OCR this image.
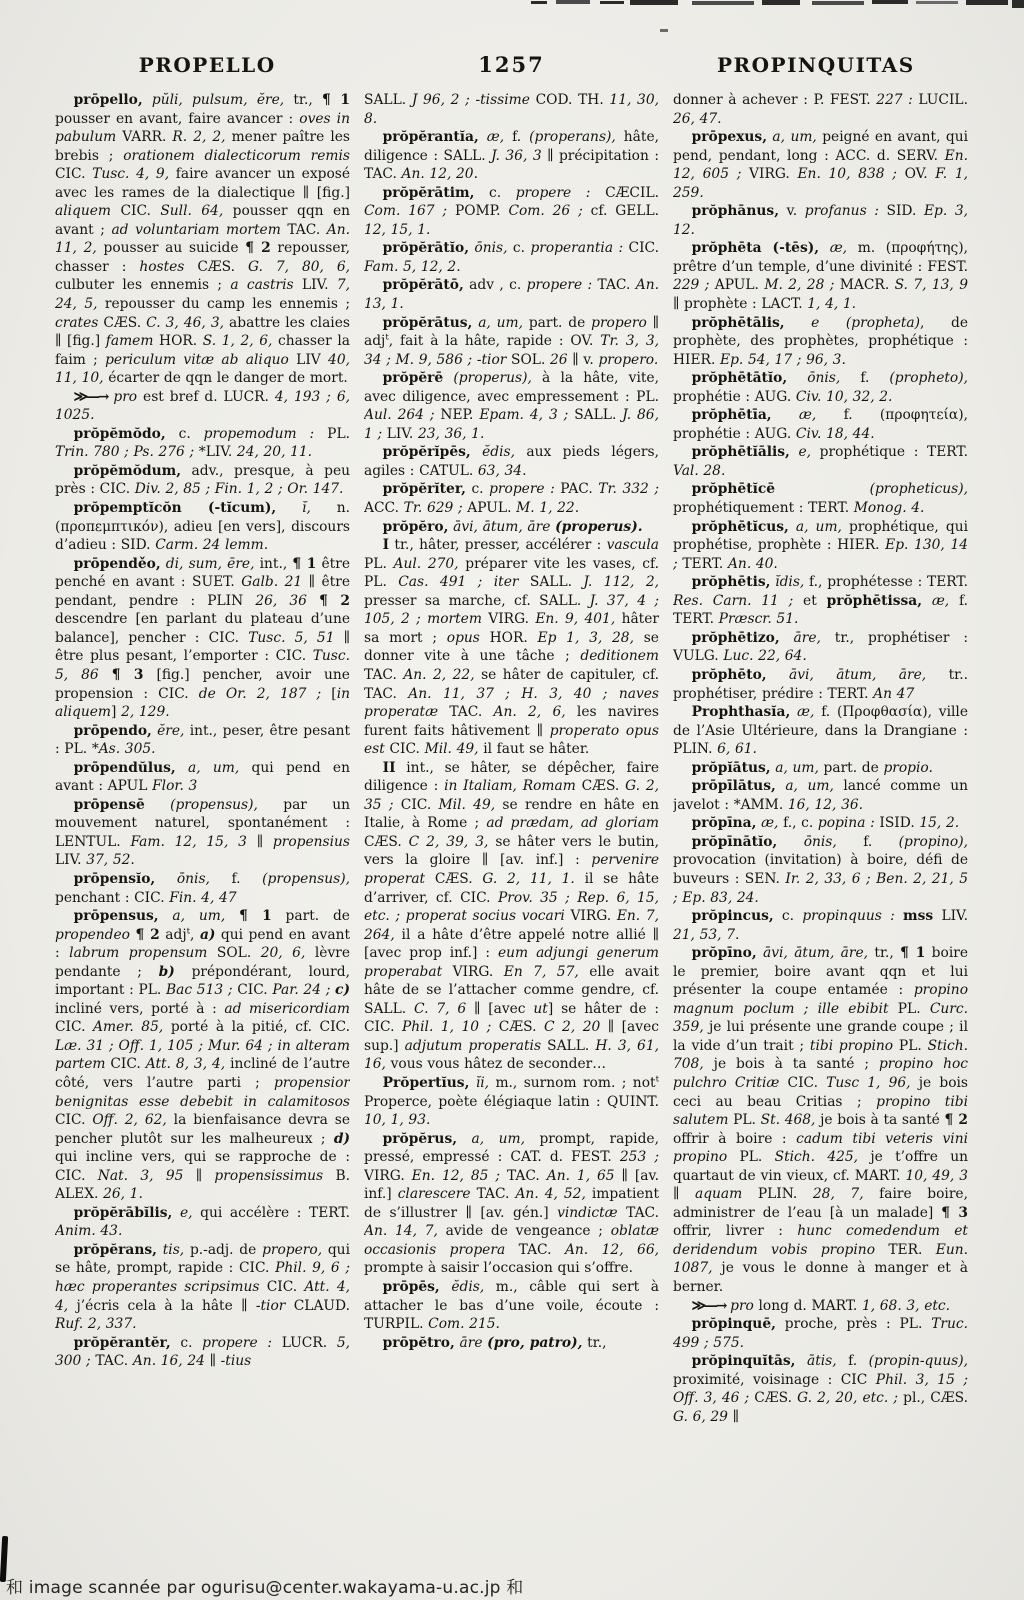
PROPELLO	1257	PROPINQUITAS

prōpello, pŭli, pulsum, ĕre, tr., ¶ 1 pousser en avant, faire avancer : oves in pabulum VARR. R. 2, 2, mener paître les brebis ; orationem dialecticorum remis CIC. Tusc. 4, 9, faire avancer un exposé avec les rames de la dialectique ∥ [fig.] aliquem CIC. Sull. 64, pousser qqn en avant ; ad voluntariam mortem TAC. An. 11, 2, pousser au suicide ¶ 2 repousser, chasser : hostes CÆS. G. 7, 80, 6, culbuter les ennemis ; a castris LIV. 7, 24, 5, repousser du camp les ennemis ; crates CÆS. C. 3, 46, 3, abattre les claies ∥ [fig.] famem HOR. S. 1, 2, 6, chasser la faim ; periculum vitæ ab aliquo LIV 40, 11, 10, écarter de qqn le danger de mort.

≫—→ pro est bref d. LUCR. 4, 193 ; 6, 1025.

prŏpĕmŏdo, c. propemodum : PL. Trin. 780 ; Ps. 276 ; *LIV. 24, 20, 11.

prŏpĕmŏdum, adv., presque, à peu près : CIC. Div. 2, 85 ; Fin. 1, 2 ; Or. 147.

prŏpemptĭcŏn (-tĭcum), ĭ, n. (προπεμπτικόν), adieu [en vers], discours d’adieu : SID. Carm. 24 lemm.

prōpenděo, di, sum, ēre, int., ¶ 1 être penché en avant : SUET. Galb. 21 ∥ être pendant, pendre : PLIN 26, 36 ¶ 2 descendre [en parlant du plateau d’une balance], pencher : CIC. Tusc. 5, 51 ∥ être plus pesant, l’emporter : CIC. Tusc. 5, 86 ¶ 3 [fig.] pencher, avoir une propension : CIC. de Or. 2, 187 ; [in aliquem] 2, 129.

prōpendo, ĕre, int., peser, être pesant : PL. *As. 305.

prōpendŭlus, a, um, qui pend en avant : APUL Flor. 3

prōpensē (propensus), par un mouvement naturel, spontanément : LENTUL. Fam. 12, 15, 3 ∥ propensius LIV. 37, 52.

prōpensĭo, ōnis, f. (propensus), penchant : CIC. Fin. 4, 47

prōpensus, a, um, ¶ 1 part. de propendeo ¶ 2 adj$^t$, a) qui pend en avant : labrum propensum SOL. 20, 6, lèvre pendante ; b) prépondérant, lourd, important : PL. Bac 513 ; CIC. Par. 24 ; c) incliné vers, porté à : ad misericordiam CIC. Amer. 85, porté à la pitié, cf. CIC. Læ. 31 ; Off. 1, 105 ; Mur. 64 ; in alteram partem CIC. Att. 8, 3, 4, incliné de l’autre côté, vers l’autre parti ; propensior benignitas esse debebit in calamitosos CIC. Off. 2, 62, la bienfaisance devra se pencher plutôt sur les malheureux ; d) qui incline vers, qui se rapproche de : CIC. Nat. 3, 95 ∥ propensissimus B. ALEX. 26, 1.

prŏpĕrābĭlis, e, qui accélère : TERT. Anim. 43.

prŏpĕrans, tis, p.-adj. de propero, qui se hâte, prompt, rapide : CIC. Phil. 9, 6 ; hæc properantes scripsimus CIC. Att. 4, 4, j’écris cela à la hâte ∥ -tior CLAUD. Ruf. 2, 337.

prŏpĕrantĕr, c. propere : LUCR. 5, 300 ; TAC. An. 16, 24 ∥ -tius

SALL. J 96, 2 ; -tissime COD. TH. 11, 30, 8.

prŏpĕrantĭa, æ, f. (properans), hâte, diligence : SALL. J. 36, 3 ∥ précipitation : TAC. An. 12, 20.

prŏpĕrātim, c. propere : CÆCIL. Com. 167 ; POMP. Com. 26 ; cf. GELL. 12, 15, 1.

prŏpĕrātĭo, ōnis, c. properantia : CIC. Fam. 5, 12, 2.

prŏpĕrātō, adv , c. propere : TAC. An. 13, 1.

prŏpĕrātus, a, um, part. de propero ∥ adj$^t$, fait à la hâte, rapide : OV. Tr. 3, 3, 34 ; M. 9, 586 ; -tior SOL. 26 ∥ v. propero.

prŏpĕrē (properus), à la hâte, vite, avec diligence, avec empressement : PL. Aul. 264 ; NEP. Epam. 4, 3 ; SALL. J. 86, 1 ; LIV. 23, 36, 1.

prŏpĕrĭpēs, ĕdis, aux pieds légers, agiles : CATUL. 63, 34.

prŏpĕrĭter, c. propere : PAC. Tr. 332 ; ACC. Tr. 629 ; APUL. M. 1, 22.

prŏpĕro, āvi, ātum, āre (properus).

I tr., hâter, presser, accélérer : vascula PL. Aul. 270, préparer vite les vases, cf. PL. Cas. 491 ; iter SALL. J. 112, 2, presser sa marche, cf. SALL. J. 37, 4 ; 105, 2 ; mortem VIRG. En. 9, 401, hâter sa mort ; opus HOR. Ep 1, 3, 28, se donner vite à une tâche ; deditionem TAC. An. 2, 22, se hâter de capituler, cf. TAC. An. 11, 37 ; H. 3, 40 ; naves properatæ TAC. An. 2, 6, les navires furent faits hâtivement ∥ properato opus est CIC. Mil. 49, il faut se hâter.

II int., se hâter, se dépêcher, faire diligence : in Italiam, Romam CÆS. G. 2, 35 ; CIC. Mil. 49, se rendre en hâte en Italie, à Rome ; ad prædam, ad gloriam CÆS. C 2, 39, 3, se hâter vers le butin, vers la gloire ∥ [av. inf.] : pervenire properat CÆS. G. 2, 11, 1. il se hâte d’arriver, cf. CIC. Prov. 35 ; Rep. 6, 15, etc. ; properat socius vocari VIRG. En. 7, 264, il a hâte d’être appelé notre allié ∥ [avec prop inf.] : eum adjungi generum properabat VIRG. En 7, 57, elle avait hâte de se l’attacher comme gendre, cf. SALL. C. 7, 6 ∥ [avec ut] se hâter de : CIC. Phil. 1, 10 ; CÆS. C 2, 20 ∥ [avec sup.] adjutum properatis SALL. H. 3, 61, 16, vous vous hâtez de seconder…

Prŏpertĭus, ĭi, m., surnom rom. ; not$^t$ Properce, poète élégiaque latin : QUINT. 10, 1, 93.

prŏpĕrus, a, um, prompt, rapide, pressé, empressé : CAT. d. FEST. 253 ; VIRG. En. 12, 85 ; TAC. An. 1, 65 ∥ [av. inf.] clarescere TAC. An. 4, 52, impatient de s’illustrer ∥ [av. gén.] vindictæ TAC. An. 14, 7, avide de vengeance ; oblatæ occasionis propera TAC. An. 12, 66, prompte à saisir l’occasion qui s’offre.

prōpēs, ĕdis, m., câble qui sert à attacher le bas d’une voile, écoute : TURPIL. Com. 215.

prōpĕtro, āre (pro, patro), tr.,

donner à achever : P. FEST. 227 : LUCIL. 26, 47.

prōpexus, a, um, peigné en avant, qui pend, pendant, long : ACC. d. SERV. En. 12, 605 ; VIRG. En. 10, 838 ; OV. F. 1, 259.

prŏphānus, v. profanus : SID. Ep. 3, 12.

prŏphēta (-tēs), æ, m. (προφήτης), prêtre d’un temple, d’une divinité : FEST. 229 ; APUL. M. 2, 28 ; MACR. S. 7, 13, 9 ∥ prophète : LACT. 1, 4, 1.

prŏphētālis, e (propheta), de prophète, des prophètes, prophétique : HIER. Ep. 54, 17 ; 96, 3.

prŏphētātĭo, ōnis, f. (propheto), prophétie : AUG. Civ. 10, 32, 2.

prŏphētīa, æ, f. (προφητεία), prophétie : AUG. Civ. 18, 44.

prŏphētĭālis, e, prophétique : TERT. Val. 28.

prŏphētĭcē	(propheticus), prophétiquement : TERT. Monog. 4.

prŏphētĭcus, a, um, prophétique, qui prophétise, prophète : HIER. Ep. 130, 14 ; TERT. An. 40.

prŏphētis, ĭdis, f., prophétesse : TERT. Res. Carn. 11 ; et prŏphētissa, æ, f. TERT. Præscr. 51.

prŏphētizo, āre, tr., prophétiser : VULG. Luc. 22, 64.

prŏphēto, āvi, ātum, āre, tr.. prophétiser, prédire : TERT. An 47

Prophthasĭa, æ, f. (Προφθασία), ville de l’Asie Ultérieure, dans la Drangiane : PLIN. 6, 61.

prŏpĭātus, a, um, part. de propio.

prōpīlātus, a, um, lancé comme un javelot : *AMM. 16, 12, 36.

prŏpīna, æ, f., c. popina : ISID. 15, 2.

prŏpīnātĭo, ōnis, f. (propino), provocation (invitation) à boire, défi de buveurs : SEN. Ir. 2, 33, 6 ; Ben. 2, 21, 5 ; Ep. 83, 24.

prŏpincus, c. propinquus : mss LIV. 21, 53, 7.

prŏpīno, āvi, ātum, āre, tr., ¶ 1 boire le premier, boire avant qqn et lui présenter la coupe entamée : propino magnum poclum ; ille ebibit PL. Curc. 359, je lui présente une grande coupe ; il la vide d’un trait ; tibi propino PL. Stich. 708, je bois à ta santé ; propino hoc pulchro Critiæ CIC. Tusc 1, 96, je bois ceci au beau Critias ; propino tibi salutem PL. St. 468, je bois à ta santé ¶ 2 offrir à boire : cadum tibi veteris vini propino PL. Stich. 425, je t’offre un quartaut de vin vieux, cf. MART. 10, 49, 3 ∥ aquam PLIN. 28, 7, faire boire, administrer de l’eau [à un malade] ¶ 3 offrir, livrer : hunc comedendum et deridendum vobis propino TER. Eun. 1087, je vous le donne à manger et à berner.

≫—→ pro long d. MART. 1, 68. 3, etc.

prŏpinquē, proche, près : PL. Truc. 499 ; 575.

prŏpinquĭtās, ātis, f. (propin-quus), proximité, voisinage : CIC Phil. 3, 15 ; Off. 3, 46 ; CÆS. G. 2, 20, etc. ; pl., CÆS. G. 6, 29 ∥

和 image scannée par ogurisu@center.wakayama-u.ac.jp 和
